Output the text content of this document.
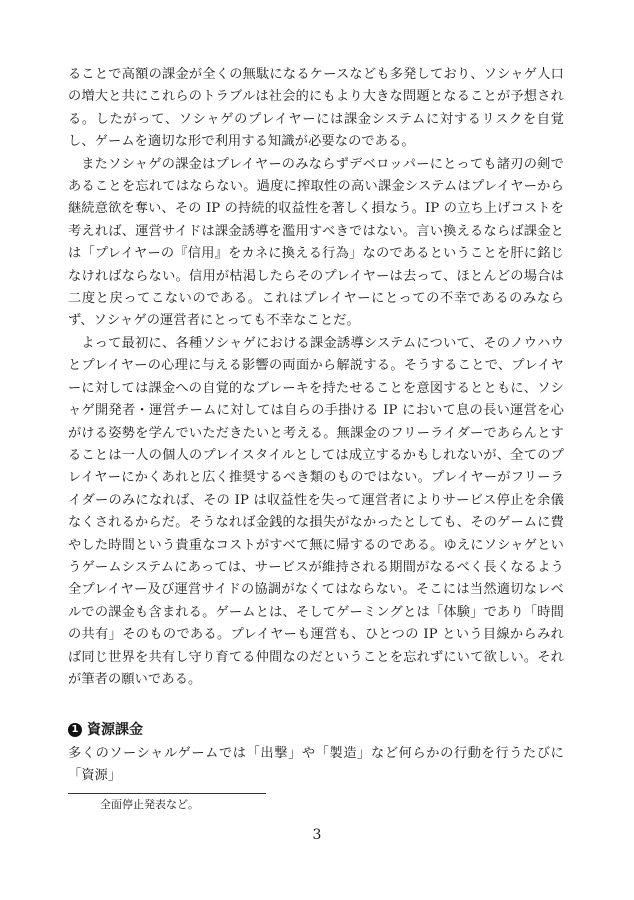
ることで高額の課金が全くの無駄になるケースなども多発しており、ソシャゲ人口の増大と共にこれらのトラブルは社会的にもより大きな問題となることが予想される。したがって、ソシャゲのプレイヤーには課金システムに対するリスクを自覚し、ゲームを適切な形で利用する知識が必要なのである。

またソシャゲの課金はプレイヤーのみならずデベロッパーにとっても諸刃の剣であることを忘れてはならない。過度に搾取性の高い課金システムはプレイヤーから継続意欲を奪い、その IP の持続的収益性を著しく損なう。IP の立ち上げコストを考えれば、運営サイドは課金誘導を濫用すべきではない。言い換えるならば課金とは「プレイヤーの『信用』をカネに換える行為」なのであるということを肝に銘じなければならない。信用が枯渇したらそのプレイヤーは去って、ほとんどの場合は二度と戻ってこないのである。これはプレイヤーにとっての不幸であるのみならず、ソシャゲの運営者にとっても不幸なことだ。

よって最初に、各種ソシャゲにおける課金誘導システムについて、そのノウハウとプレイヤーの心理に与える影響の両面から解説する。そうすることで、プレイヤーに対しては課金への自覚的なブレーキを持たせることを意図するとともに、ソシャゲ開発者・運営チームに対しては自らの手掛ける IP において息の長い運営を心がける姿勢を学んでいただきたいと考える。無課金のフリーライダーであらんとすることは一人の個人のプレイスタイルとしては成立するかもしれないが、全てのプレイヤーにかくあれと広く推奨するべき類のものではない。プレイヤーがフリーライダーのみになれば、その IP は収益性を失って運営者によりサービス停止を余儀なくされるからだ。そうなれば金銭的な損失がなかったとしても、そのゲームに費やした時間という貴重なコストがすべて無に帰するのである。ゆえにソシャゲというゲームシステムにあっては、サービスが維持される期間がなるべく長くなるよう全プレイヤー及び運営サイドの協調がなくてはならない。そこには当然適切なレベルでの課金も含まれる。ゲームとは、そしてゲーミングとは「体験」であり「時間の共有」そのものである。プレイヤーも運営も、ひとつの IP という目線からみれば同じ世界を共有し守り育てる仲間なのだということを忘れずにいて欲しい。それが筆者の願いである。

1 資源課金

多くのソーシャルゲームでは「出撃」や「製造」など何らかの行動を行うたびに「資源」

全面停止発表など。

3
